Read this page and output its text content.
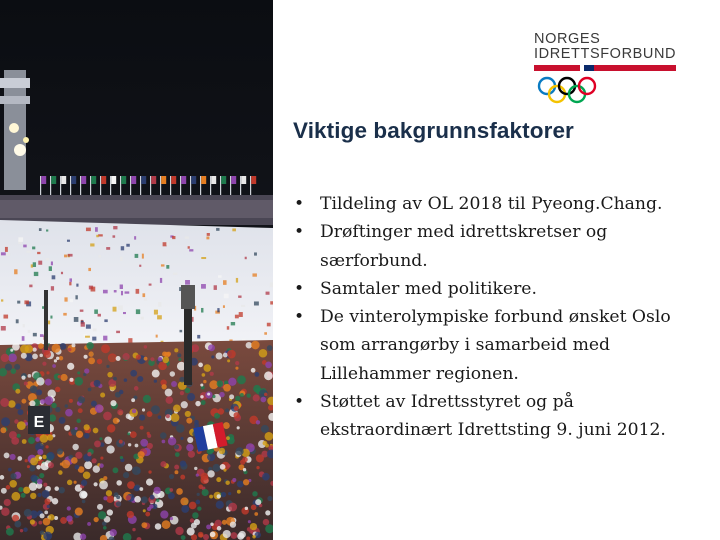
E
NORGES
IDRETTSFORBUND
Viktige bakgrunnsfaktorer
• Tildeling av OL 2018 til Pyeong.Chang.
• Drøftinger med idrettskretser og særforbund.
• Samtaler med politikere.
• De vinterolympiske forbund ønsket Oslo som arrangørby i samarbeid med Lillehammer regionen.
• Støttet av Idrettsstyret og på ekstraordinært Idrettsting 9. juni 2012.
